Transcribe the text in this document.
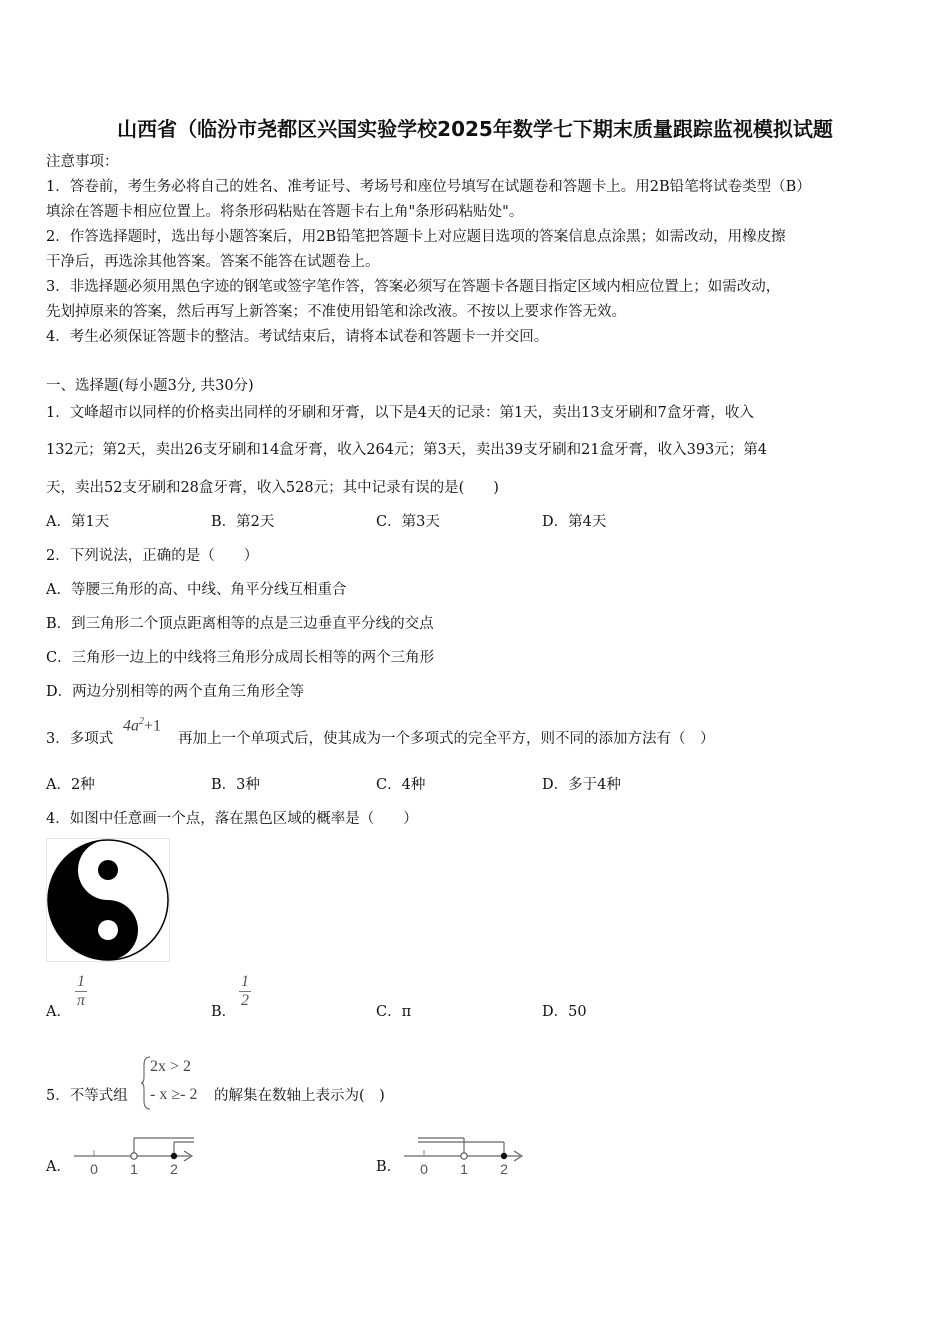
山西省（临汾市尧都区兴国实验学校2025年数学七下期末质量跟踪监视模拟试题
注意事项：
1．答卷前，考生务必将自己的姓名、准考证号、考场号和座位号填写在试题卷和答题卡上。用2B铅笔将试卷类型（B）
填涂在答题卡相应位置上。将条形码粘贴在答题卡右上角"条形码粘贴处"。
2．作答选择题时，选出每小题答案后，用2B铅笔把答题卡上对应题目选项的答案信息点涂黑；如需改动，用橡皮擦
干净后，再选涂其他答案。答案不能答在试题卷上。
3．非选择题必须用黑色字迹的钢笔或签字笔作答，答案必须写在答题卡各题目指定区域内相应位置上；如需改动，
先划掉原来的答案，然后再写上新答案；不准使用铅笔和涂改液。不按以上要求作答无效。
4．考生必须保证答题卡的整洁。考试结束后，请将本试卷和答题卡一并交回。
一、选择题(每小题3分, 共30分)
1．文峰超市以同样的价格卖出同样的牙刷和牙膏，以下是4天的记录：第1天，卖出13支牙刷和7盒牙膏，收入
132元；第2天，卖出26支牙刷和14盒牙膏，收入264元；第3天，卖出39支牙刷和21盒牙膏，收入393元；第4
天，卖出52支牙刷和28盒牙膏，收入528元；其中记录有误的是(　　)
A．第1天	B．第2天	C．第3天	D．第4天
2．下列说法，正确的是（　　）
A．等腰三角形的高、中线、角平分线互相重合
B．到三角形二个顶点距离相等的点是三边垂直平分线的交点
C．三角形一边上的中线将三角形分成周长相等的两个三角形
D．两边分别相等的两个直角三角形全等
3．多项式
$4a^2+1$
再加上一个单项式后，使其成为一个多项式的完全平方，则不同的添加方法有（　）
A．2种	B．3种	C．4种	D．多于4种
4．如图中任意画一个点，落在黑色区域的概率是（　　）
A．
$\frac{1}{\pi}$
B．
$\frac{1}{2}$
C．π	D．50
5．不等式组
2x > 2
- x ≥- 2 的解集在数轴上表示为(　)
A． 0 1 2	B． 0 1 2
